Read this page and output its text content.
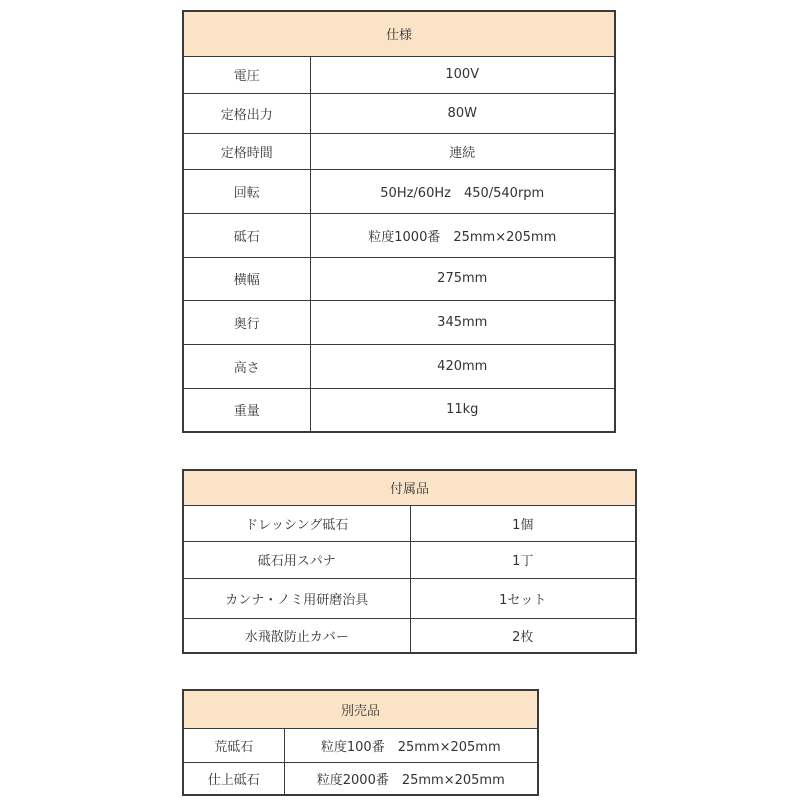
仕様	
電圧	100V
定格出力	80W
定格時間	連続
回転	50Hz/60Hz　450/540rpm
砥石	粒度1000番　25mm×205mm
横幅	275mm
奥行	345mm
高さ	420mm
重量	11kg
付属品	
ドレッシング砥石	1個
砥石用スパナ	1丁
カンナ・ノミ用研磨治具	1セット
水飛散防止カバー	2枚
別売品	
荒砥石	粒度100番　25mm×205mm
仕上砥石	粒度2000番　25mm×205mm
